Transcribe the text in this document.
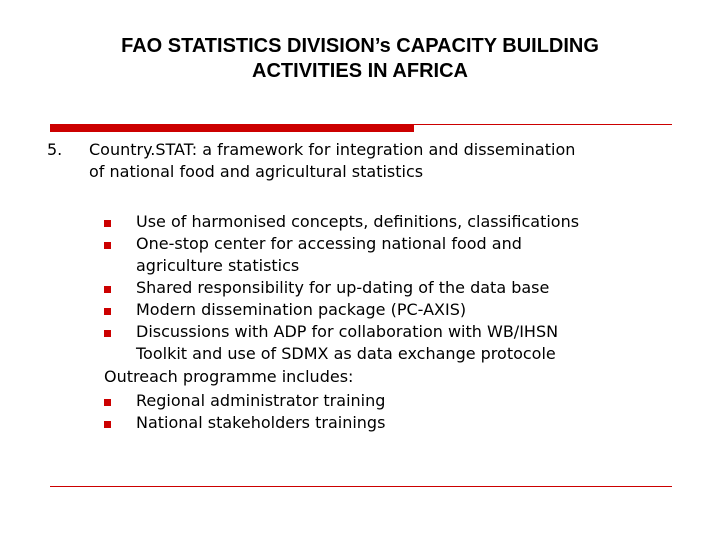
FAO STATISTICS DIVISION’s CAPACITY BUILDING
ACTIVITIES IN AFRICA
5. Country.STAT: a framework for integration and dissemination
of national food and agricultural statistics
Use of harmonised concepts, definitions, classifications
One-stop center for accessing national food and
agriculture statistics
Shared responsibility for up-dating of the data base
Modern dissemination package (PC-AXIS)
Discussions with ADP for collaboration with WB/IHSN
Toolkit and use of SDMX as data exchange protocole
Outreach programme includes:
Regional administrator training
National stakeholders trainings
